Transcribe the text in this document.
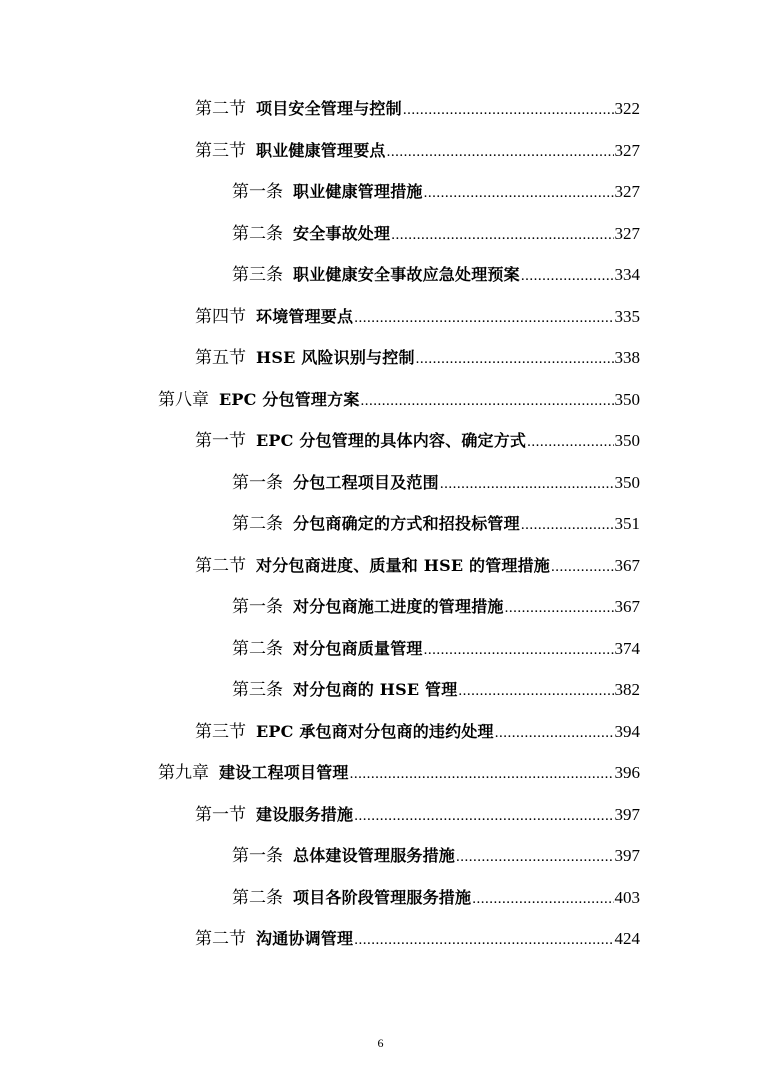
第二节 项目安全管理与控制 .....	322
第三节 职业健康管理要点 .....	327
第一条 职业健康管理措施 .....	327
第二条 安全事故处理 .....	327
第三条 职业健康安全事故应急处理预案 .....	334
第四节 环境管理要点 .....	335
第五节 HSE 风险识别与控制 .....	338
第八章 EPC 分包管理方案 .....	350
第一节 EPC 分包管理的具体内容、确定方式 .....	350
第一条 分包工程项目及范围 .....	350
第二条 分包商确定的方式和招投标管理 .....	351
第二节 对分包商进度、质量和 HSE 的管理措施 .....	367
第一条 对分包商施工进度的管理措施 .....	367
第二条 对分包商质量管理 .....	374
第三条 对分包商的 HSE 管理 .....	382
第三节 EPC 承包商对分包商的违约处理 .....	394
第九章 建设工程项目管理 .....	396
第一节 建设服务措施 .....	397
第一条 总体建设管理服务措施 .....	397
第二条 项目各阶段管理服务措施 .....	403
第二节 沟通协调管理 .....	424
6
